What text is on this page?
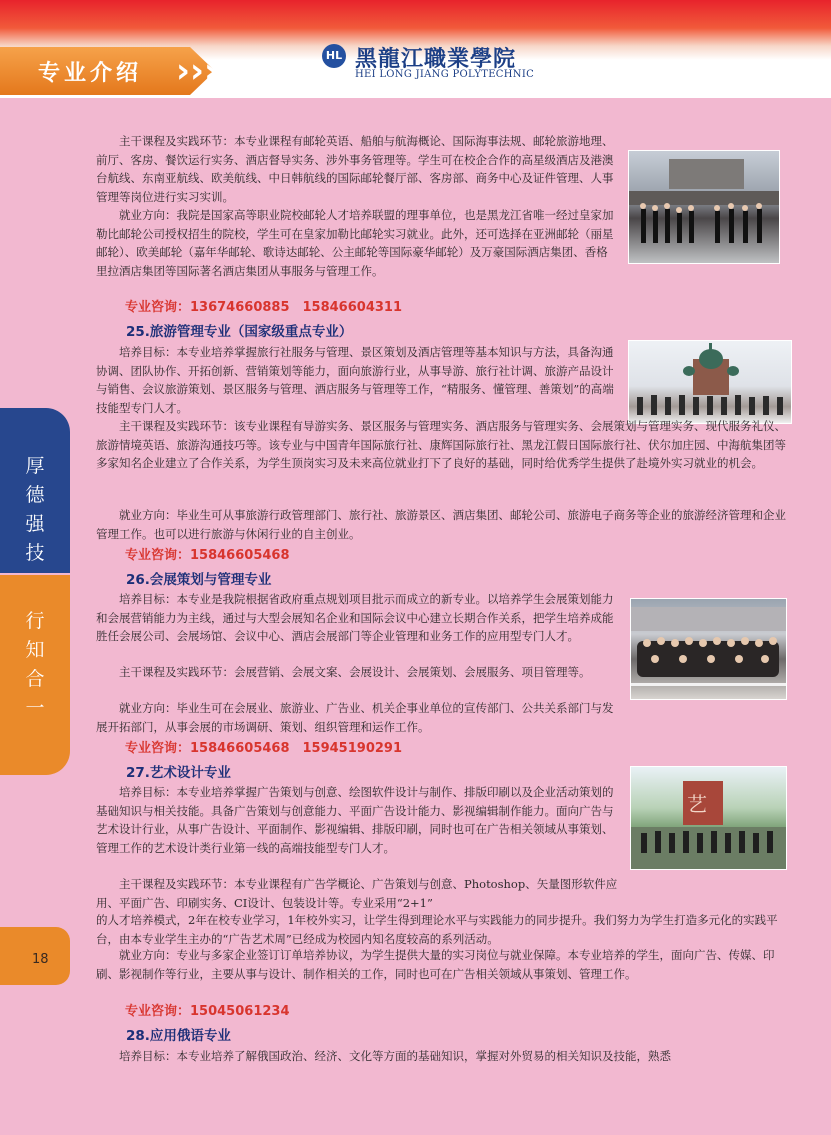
专业介绍 › › ›	HL 黑龍江職業學院
HEI LONG JIANG POLYTECHNIC
厚
德
强
技
行
知
合
一
18
艺

主干课程及实践环节：本专业课程有邮轮英语、船舶与航海概论、国际海事法规、邮轮旅游地理、前厅、客房、餐饮运行实务、酒店督导实务、涉外事务管理等。学生可在校企合作的高星级酒店及港澳台航线、东南亚航线、欧美航线、中日韩航线的国际邮轮餐厅部、客房部、商务中心及证件管理、人事管理等岗位进行实习实训。

就业方向：我院是国家高等职业院校邮轮人才培养联盟的理事单位，也是黑龙江省唯一经过皇家加勒比邮轮公司授权招生的院校，学生可在皇家加勒比邮轮实习就业。此外，还可选择在亚洲邮轮（丽星邮轮）、欧美邮轮（嘉年华邮轮、歌诗达邮轮、公主邮轮等国际豪华邮轮）及万豪国际酒店集团、香格里拉酒店集团等国际著名酒店集团从事服务与管理工作。

专业咨询：13674660885　15846604311

25.旅游管理专业（国家级重点专业）

培养目标：本专业培养掌握旅行社服务与管理、景区策划及酒店管理等基本知识与方法，具备沟通协调、团队协作、开拓创新、营销策划等能力，面向旅游行业，从事导游、旅行社计调、旅游产品设计与销售、会议旅游策划、景区服务与管理、酒店服务与管理等工作，“精服务、懂管理、善策划”的高端技能型专门人才。

主干课程及实践环节：该专业课程有导游实务、景区服务与管理实务、酒店服务与管理实务、会展策划与管理实务、现代服务礼仪、旅游情境英语、旅游沟通技巧等。该专业与中国青年国际旅行社、康辉国际旅行社、黑龙江假日国际旅行社、伏尔加庄园、中海航集团等多家知名企业建立了合作关系，为学生顶岗实习及未来高位就业打下了良好的基础，同时给优秀学生提供了赴境外实习就业的机会。

就业方向：毕业生可从事旅游行政管理部门、旅行社、旅游景区、酒店集团、邮轮公司、旅游电子商务等企业的旅游经济管理和企业管理工作。也可以进行旅游与休闲行业的自主创业。

专业咨询：15846605468

26.会展策划与管理专业

培养目标：本专业是我院根据省政府重点规划项目批示而成立的新专业。以培养学生会展策划能力和会展营销能力为主线，通过与大型会展知名企业和国际会议中心建立长期合作关系，把学生培养成能胜任会展公司、会展场馆、会议中心、酒店会展部门等企业管理和业务工作的应用型专门人才。

主干课程及实践环节：会展营销、会展文案、会展设计、会展策划、会展服务、项目管理等。

就业方向：毕业生可在会展业、旅游业、广告业、机关企事业单位的宣传部门、公共关系部门与发展开拓部门，从事会展的市场调研、策划、组织管理和运作工作。

专业咨询：15846605468　15945190291

27.艺术设计专业

培养目标：本专业培养掌握广告策划与创意、绘图软件设计与制作、排版印刷以及企业活动策划的基础知识与相关技能。具备广告策划与创意能力、平面广告设计能力、影视编辑制作能力。面向广告与艺术设计行业，从事广告设计、平面制作、影视编辑、排版印刷，同时也可在广告相关领域从事策划、管理工作的艺术设计类行业第一线的高端技能型专门人才。

主干课程及实践环节：本专业课程有广告学概论、广告策划与创意、Photoshop、矢量图形软件应用、平面广告、印刷实务、CI设计、包装设计等。专业采用“2+1”

的人才培养模式，2年在校专业学习，1年校外实习，让学生得到理论水平与实践能力的同步提升。我们努力为学生打造多元化的实践平台，由本专业学生主办的“广告艺术周”已经成为校园内知名度较高的系列活动。

就业方向：专业与多家企业签订订单培养协议，为学生提供大量的实习岗位与就业保障。本专业培养的学生，面向广告、传媒、印刷、影视制作等行业，主要从事与设计、制作相关的工作，同时也可在广告相关领域从事策划、管理工作。

专业咨询：15045061234

28.应用俄语专业

培养目标：本专业培养了解俄国政治、经济、文化等方面的基础知识，掌握对外贸易的相关知识及技能，熟悉
